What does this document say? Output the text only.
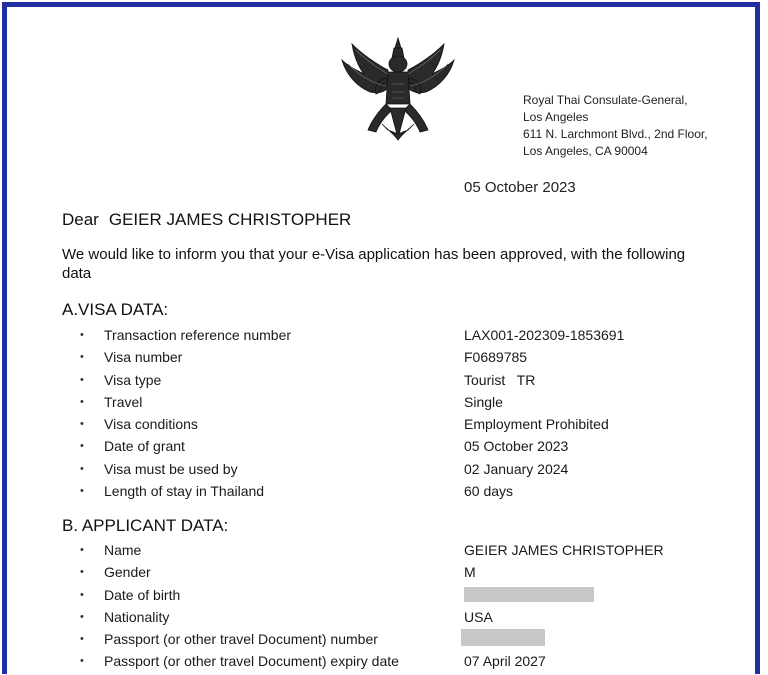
Royal Thai Consulate-General,
Los Angeles
611 N. Larchmont Blvd., 2nd Floor,
Los Angeles, CA 90004
05 October 2023
Dear GEIER JAMES CHRISTOPHER
We would like to inform you that your e-Visa application has been approved, with the following data
A.VISA DATA:
• Transaction reference number	LAX001-202309-1853691
• Visa number	F0689785
• Visa type	Tourist   TR
• Travel	Single
• Visa conditions	Employment Prohibited
• Date of grant	05 October 2023
• Visa must be used by	02 January 2024
• Length of stay in Thailand	60 days
B. APPLICANT DATA:
• Name	GEIER JAMES CHRISTOPHER
• Gender	M
• Date of birth
• Nationality	USA
• Passport (or other travel Document) number
• Passport (or other travel Document) expiry date	07 April 2027
